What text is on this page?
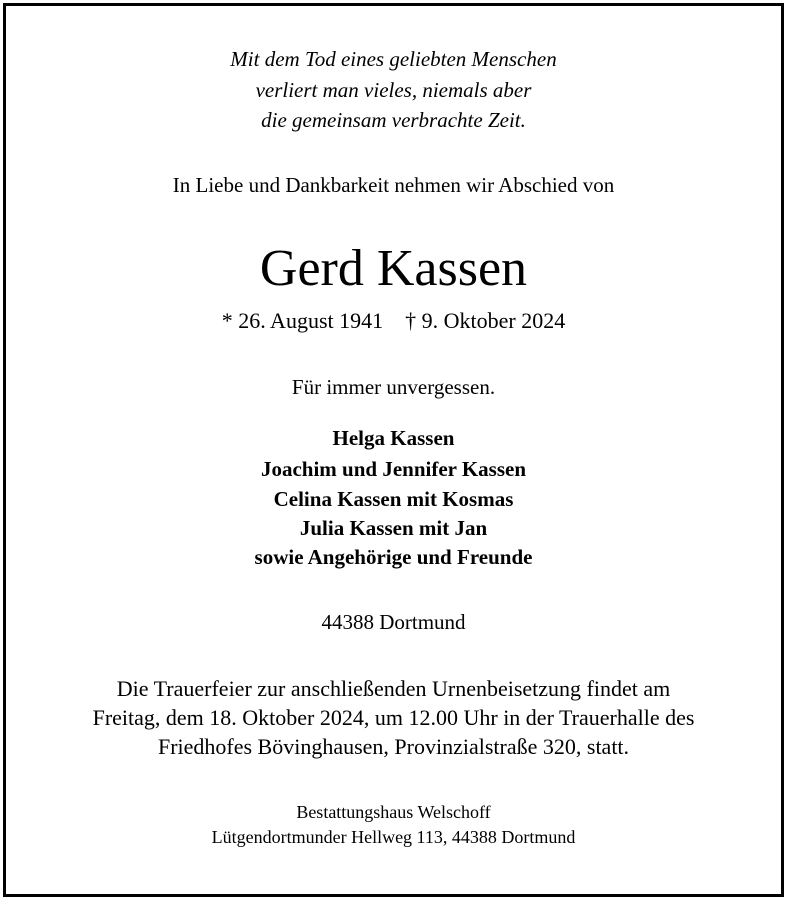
Mit dem Tod eines geliebten Menschen
verliert man vieles, niemals aber
die gemeinsam verbrachte Zeit.
In Liebe und Dankbarkeit nehmen wir Abschied von
Gerd Kassen
* 26. August 1941 † 9. Oktober 2024
Für immer unvergessen.
Helga Kassen
Joachim und Jennifer Kassen
Celina Kassen mit Kosmas
Julia Kassen mit Jan
sowie Angehörige und Freunde
44388 Dortmund
Die Trauerfeier zur anschließenden Urnenbeisetzung findet am
Freitag, dem 18. Oktober 2024, um 12.00 Uhr in der Trauerhalle des
Friedhofes Bövinghausen, Provinzialstraße 320, statt.
Bestattungshaus Welschoff
Lütgendortmunder Hellweg 113, 44388 Dortmund
